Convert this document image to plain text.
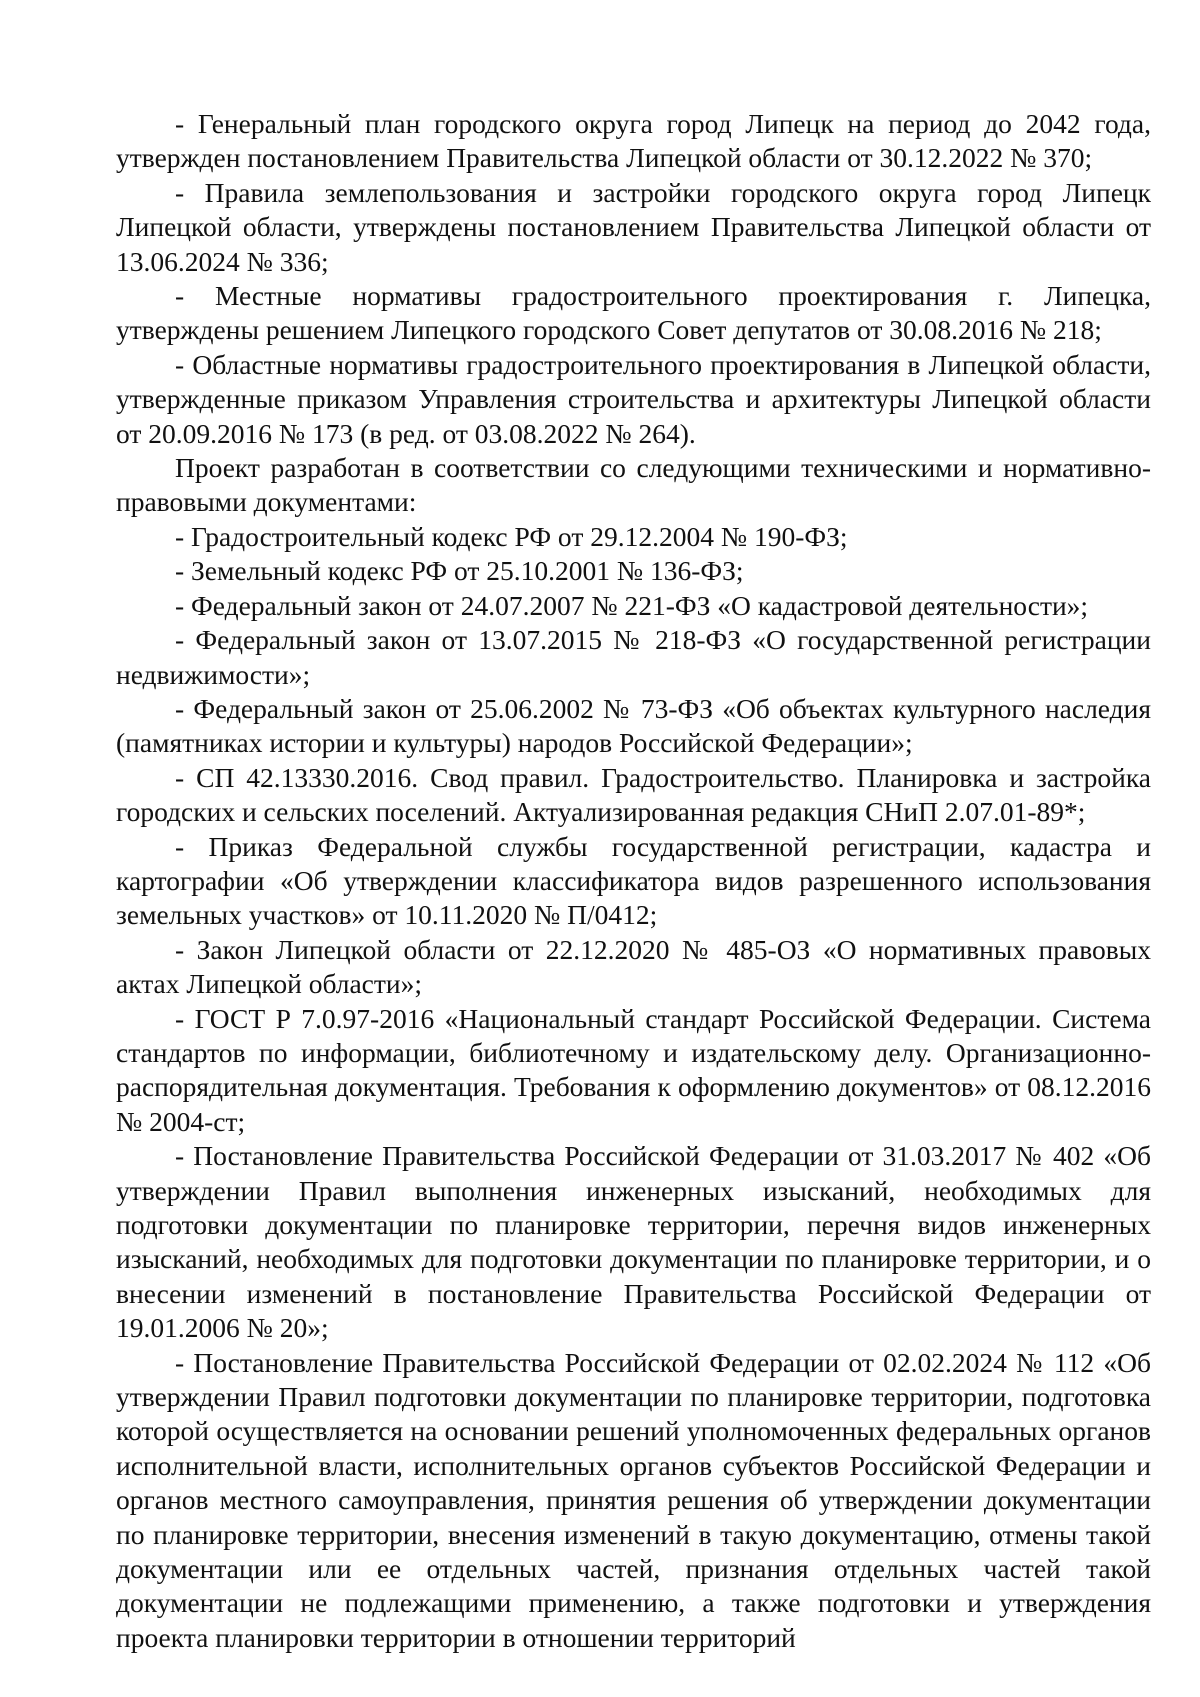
- Генеральный план городского округа город Липецк на период до 2042 года, утвержден постановлением Правительства Липецкой области от 30.12.2022 № 370;

- Правила землепользования и застройки городского округа город Липецк Липецкой области, утверждены постановлением Правительства Липецкой области от 13.06.2024 № 336;

- Местные нормативы градостроительного проектирования г. Липецка, утверждены решением Липецкого городского Совет депутатов от 30.08.2016 № 218;

- Областные нормативы градостроительного проектирования в Липецкой области, утвержденные приказом Управления строительства и архитектуры Липецкой области от 20.09.2016 № 173 (в ред. от 03.08.2022 № 264).

Проект разработан в соответствии со следующими техническими и нормативно-правовыми документами:

- Градостроительный кодекс РФ от 29.12.2004 № 190-ФЗ;

- Земельный кодекс РФ от 25.10.2001 № 136-ФЗ;

- Федеральный закон от 24.07.2007 № 221-ФЗ «О кадастровой деятельности»;

- Федеральный закон от 13.07.2015 № 218-ФЗ «О государственной регистрации недвижимости»;

- Федеральный закон от 25.06.2002 № 73-ФЗ «Об объектах культурного наследия (памятниках истории и культуры) народов Российской Федерации»;

- СП 42.13330.2016. Свод правил. Градостроительство. Планировка и застройка городских и сельских поселений. Актуализированная редакция СНиП 2.07.01-89*;

- Приказ Федеральной службы государственной регистрации, кадастра и картографии «Об утверждении классификатора видов разрешенного использования земельных участков» от 10.11.2020 № П/0412;

- Закон Липецкой области от 22.12.2020 № 485-ОЗ «О нормативных правовых актах Липецкой области»;

- ГОСТ Р 7.0.97-2016 «Национальный стандарт Российской Федерации. Система стандартов по информации, библиотечному и издательскому делу. Организационно-распорядительная документация. Требования к оформлению документов» от 08.12.2016 № 2004-ст;

- Постановление Правительства Российской Федерации от 31.03.2017 № 402 «Об утверждении Правил выполнения инженерных изысканий, необходимых для подготовки документации по планировке территории, перечня видов инженерных изысканий, необходимых для подготовки документации по планировке территории, и о внесении изменений в постановление Правительства Российской Федерации от 19.01.2006 № 20»;

- Постановление Правительства Российской Федерации от 02.02.2024 № 112 «Об утверждении Правил подготовки документации по планировке территории, подготовка которой осуществляется на основании решений уполномоченных федеральных органов исполнительной власти, исполнительных органов субъектов Российской Федерации и органов местного самоуправления, принятия решения об утверждении документации по планировке территории, внесения изменений в такую документацию, отмены такой документации или ее отдельных частей, признания отдельных частей такой документации не подлежащими применению, а также подготовки и утверждения проекта планировки территории в отношении территорий
